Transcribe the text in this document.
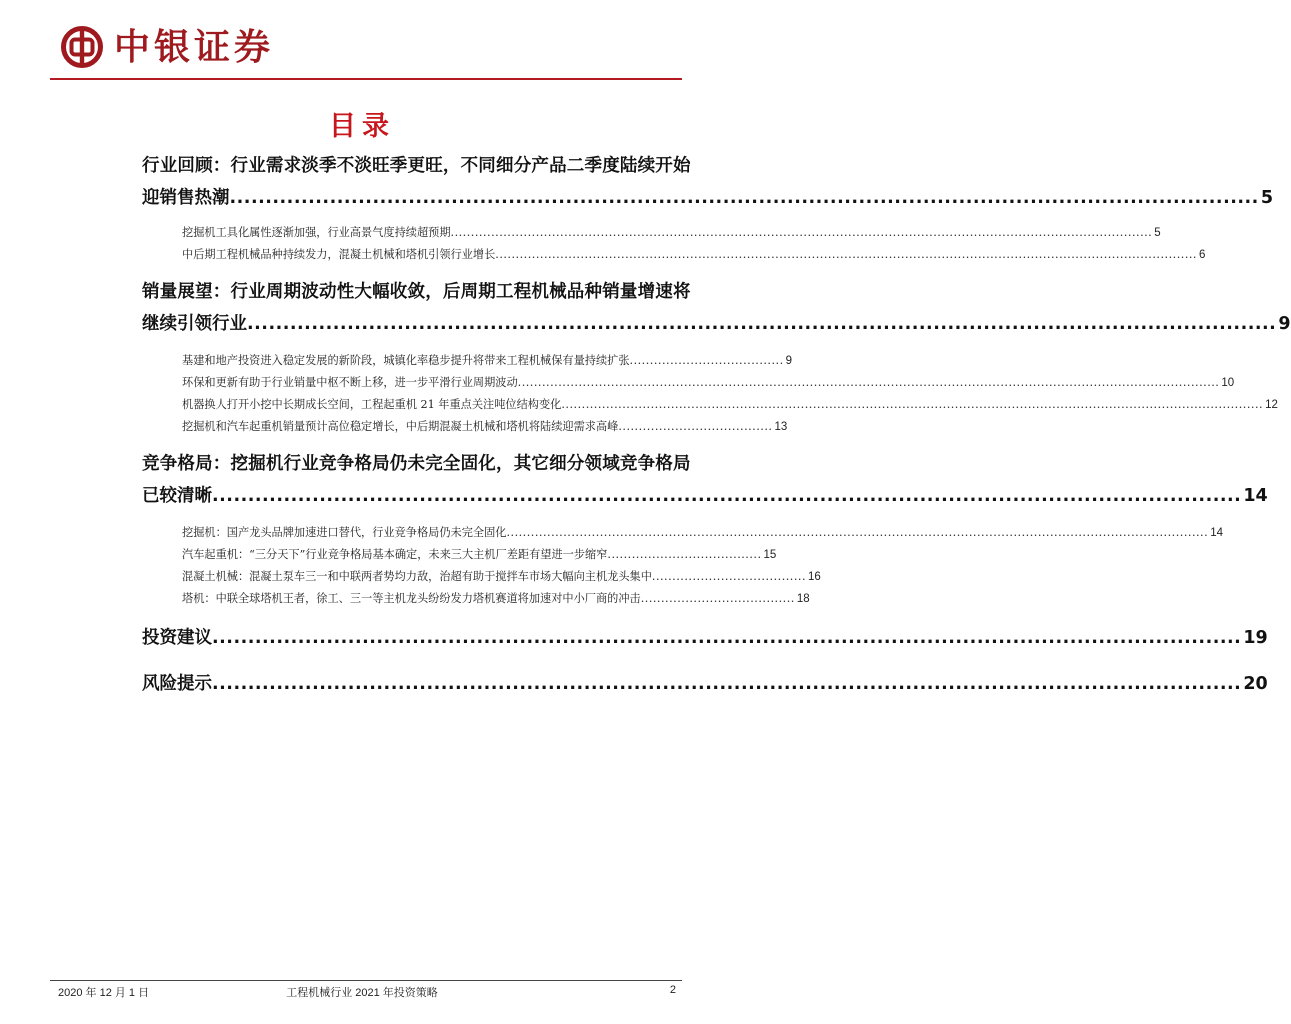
中银证券
目录
行业回顾：行业需求淡季不淡旺季更旺，不同细分产品二季度陆续开始
迎销售热潮 ................................................................................................................................................ 5
挖掘机工具化属性逐渐加强，行业高景气度持续超预期 ............................................................................................................................................................................. 5
中后期工程机械品种持续发力，混凝土机械和塔机引领行业增长 ............................................................................................................................................................................. 6
销量展望：行业周期波动性大幅收敛，后周期工程机械品种销量增速将
继续引领行业 ................................................................................................................................................ 9
基建和地产投资进入稳定发展的新阶段，城镇化率稳步提升将带来工程机械保有量持续扩张 ...................................... 9
环保和更新有助于行业销量中枢不断上移，进一步平滑行业周期波动 ............................................................................................................................................................................. 10
机器换人打开小挖中长期成长空间，工程起重机 21 年重点关注吨位结构变化 ............................................................................................................................................................................. 12
挖掘机和汽车起重机销量预计高位稳定增长，中后期混凝土机械和塔机将陆续迎需求高峰 ...................................... 13
竞争格局：挖掘机行业竞争格局仍未完全固化，其它细分领域竞争格局
已较清晰 ................................................................................................................................................ 14
挖掘机：国产龙头品牌加速进口替代，行业竞争格局仍未完全固化 ............................................................................................................................................................................. 14
汽车起重机：“三分天下”行业竞争格局基本确定，未来三大主机厂差距有望进一步缩窄 ...................................... 15
混凝土机械：混凝土泵车三一和中联两者势均力敌，治超有助于搅拌车市场大幅向主机龙头集中 ...................................... 16
塔机：中联全球塔机王者，徐工、三一等主机龙头纷纷发力塔机赛道将加速对中小厂商的冲击 ...................................... 18
投资建议 ................................................................................................................................................ 19
风险提示 ................................................................................................................................................ 20
2020 年 12 月 1 日	工程机械行业 2021 年投资策略	2
